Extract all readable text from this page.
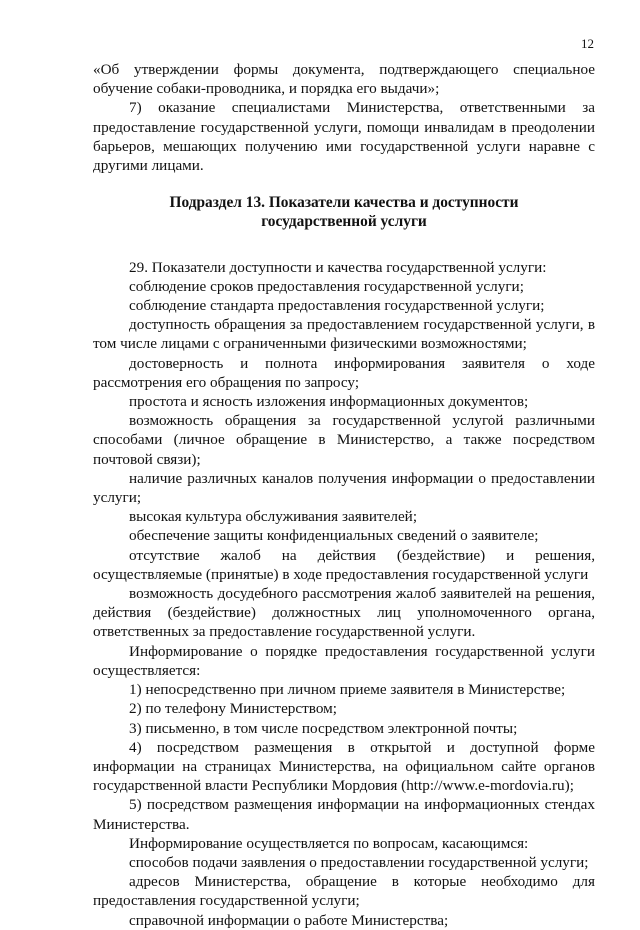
12

«Об утверждении формы документа, подтверждающего специальное обучение собаки-проводника, и порядка его выдачи»;

7) оказание специалистами Министерства, ответственными за предоставление государственной услуги, помощи инвалидам в преодолении барьеров, мешающих получению ими государственной услуги наравне с другими лицами.

Подраздел 13. Показатели качества и доступности государственной услуги

29. Показатели доступности и качества государственной услуги:

соблюдение сроков предоставления государственной услуги;

соблюдение стандарта предоставления государственной услуги;

доступность обращения за предоставлением государственной услуги, в том числе лицами с ограниченными физическими возможностями;

достоверность и полнота информирования заявителя о ходе рассмотрения его обращения по запросу;

простота и ясность изложения информационных документов;

возможность обращения за государственной услугой различными способами (личное обращение в Министерство, а также посредством почтовой связи);

наличие различных каналов получения информации о предоставлении услуги;

высокая культура обслуживания заявителей;

обеспечение защиты конфиденциальных сведений о заявителе;

отсутствие жалоб на действия (бездействие) и решения, осуществляемые (принятые) в ходе предоставления государственной услуги

возможность досудебного рассмотрения жалоб заявителей на решения, действия (бездействие) должностных лиц уполномоченного органа, ответственных за предоставление государственной услуги.

Информирование о порядке предоставления государственной услуги осуществляется:

1) непосредственно при личном приеме заявителя в Министерстве;

2) по телефону Министерством;

3) письменно, в том числе посредством электронной почты;

4) посредством размещения в открытой и доступной форме информации на страницах Министерства, на официальном сайте органов государственной власти Республики Мордовия (http://www.e-mordovia.ru);

5) посредством размещения информации на информационных стендах Министерства.

Информирование осуществляется по вопросам, касающимся:

способов подачи заявления о предоставлении государственной услуги;

адресов Министерства, обращение в которые необходимо для предоставления государственной услуги;

справочной информации о работе Министерства;
